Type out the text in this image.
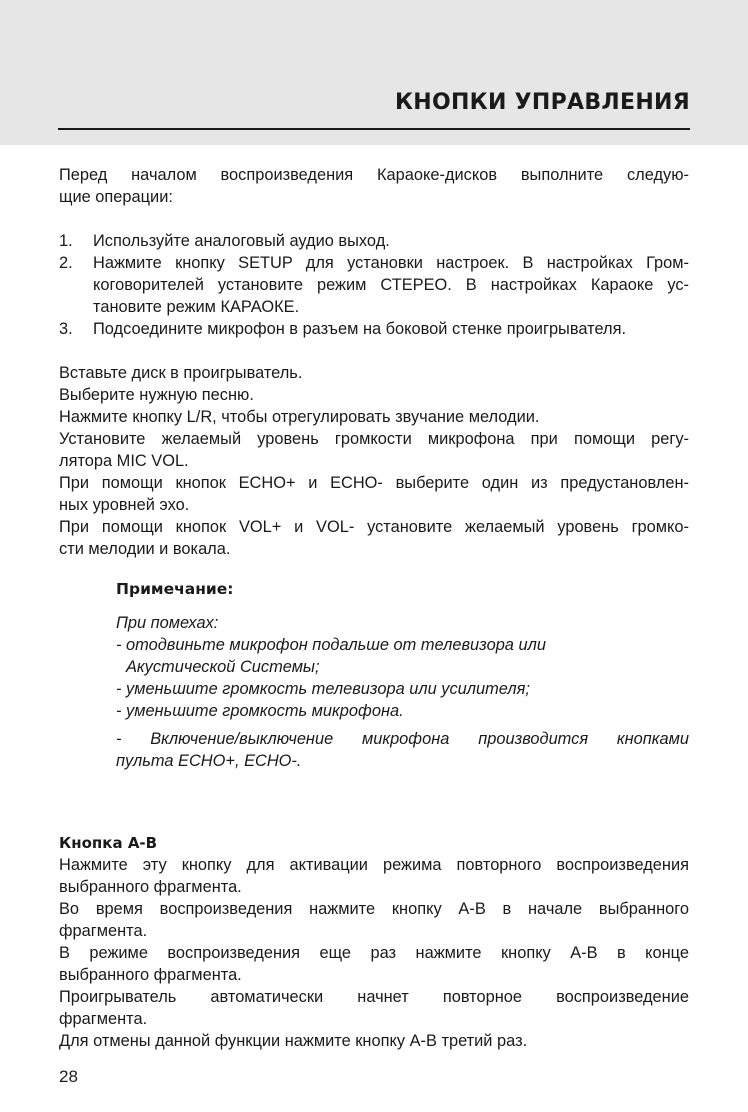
КНОПКИ УПРАВЛЕНИЯ

Перед началом воспроизведения Караоке-дисков выполните следую-

щие операции:

1.	Используйте аналоговый аудио выход.

2.	Нажмите кнопку SETUP для установки настроек. В настройках Гром-

коговорителей установите режим СТЕРЕО. В настройках Караоке ус-

тановите режим КАРАОКЕ.

3.	Подсоедините микрофон в разъем на боковой стенке проигрывателя.

Вставьте диск в проигрыватель.

Выберите нужную песню.

Нажмите кнопку L/R, чтобы отрегулировать звучание мелодии.

Установите желаемый уровень громкости микрофона при помощи регу-

лятора MIC VOL.

При помощи кнопок ECHO+ и ECHO- выберите один из предустановлен-

ных уровней эхо.

При помощи кнопок VOL+ и VOL- установите желаемый уровень громко-

сти мелодии и вокала.

Примечание:

При помехах:

- отодвиньте микрофон подальше от телевизора или

Акустической Системы;

- уменьшите громкость телевизора или усилителя;

- уменьшите громкость микрофона.

- Включение/выключение микрофона производится кнопками

пульта ECHO+, ECHO-.

Кнопка A-B

Нажмите эту кнопку для активации режима повторного воспроизведения

выбранного фрагмента.

Во время воспроизведения нажмите кнопку A-B в начале выбранного

фрагмента.

В режиме воспроизведения еще раз нажмите кнопку A-B в конце

выбранного фрагмента.

Проигрыватель автоматически начнет повторное воспроизведение

фрагмента.

Для отмены данной функции нажмите кнопку A-B третий раз.

28
